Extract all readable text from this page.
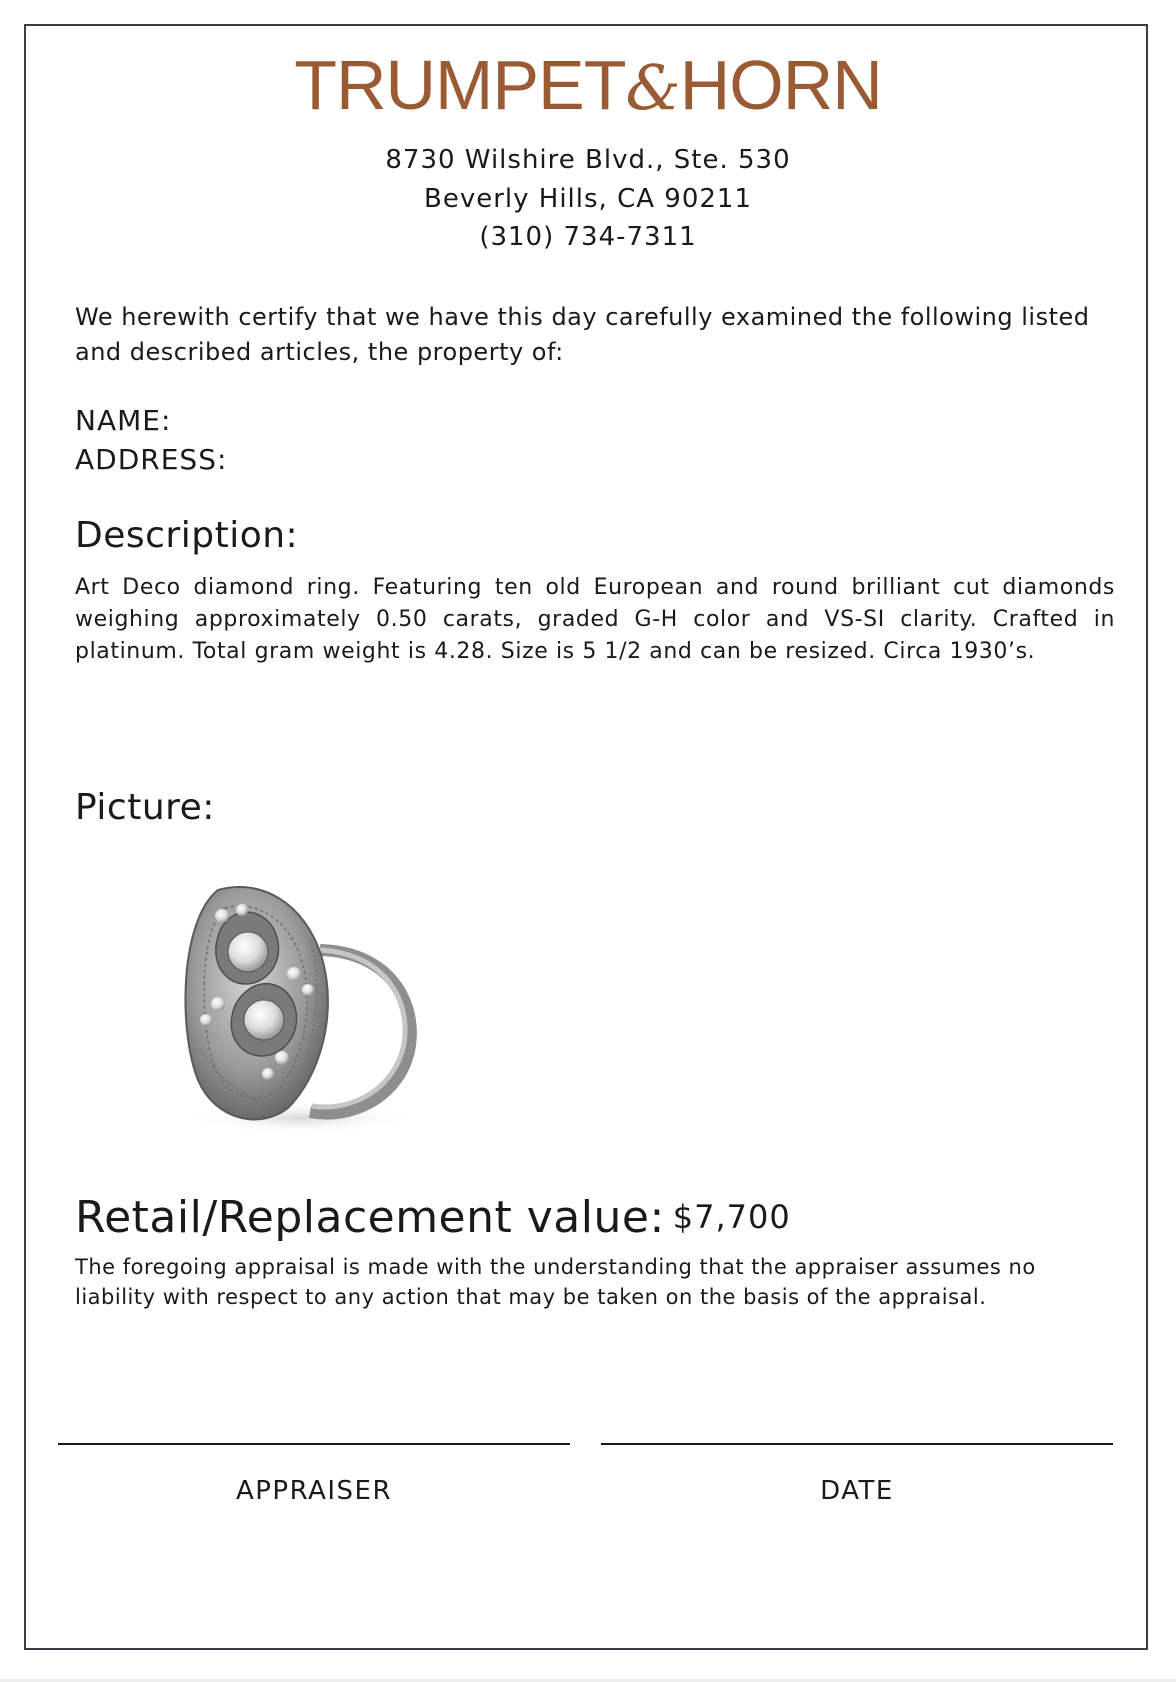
TRUMPET&HORN
8730 Wilshire Blvd., Ste. 530
Beverly Hills, CA 90211
(310) 734-7311
We herewith certify that we have this day carefully examined the following listed and described articles, the property of:
NAME:
ADDRESS:
Description:
Art Deco diamond ring. Featuring ten old European and round brilliant cut diamonds weighing approximately 0.50 carats, graded G-H color and VS-SI clarity. Crafted in platinum. Total gram weight is 4.28. Size is 5 1/2 and can be resized. Circa 1930’s.
Picture:
Retail/Replacement value: $7,700
The foregoing appraisal is made with the understanding that the appraiser assumes no liability with respect to any action that may be taken on the basis of the appraisal.
APPRAISER	DATE
